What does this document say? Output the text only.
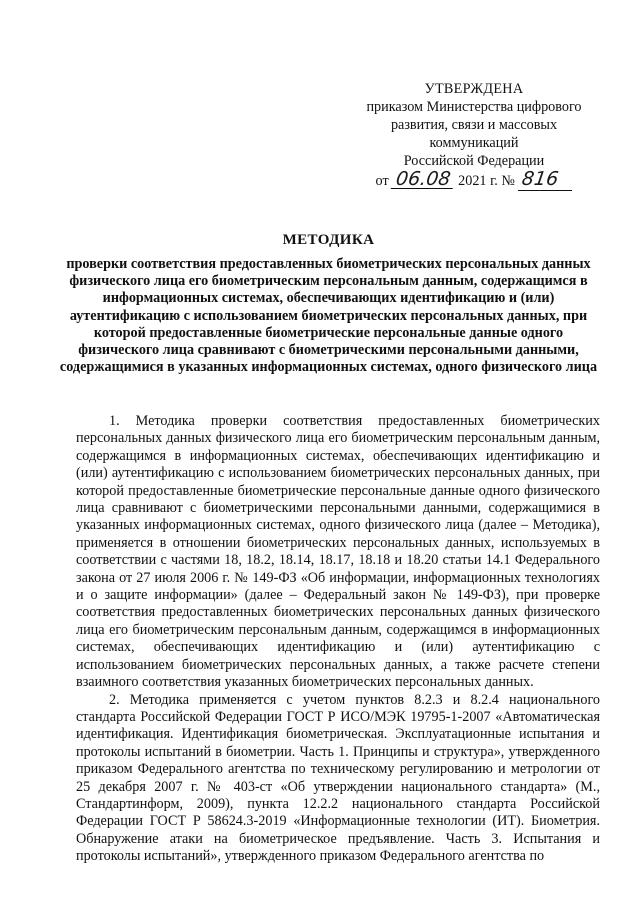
УТВЕРЖДЕНА
приказом Министерства цифрового
развития, связи и массовых
коммуникаций
Российской Федерации
от 06.08 2021 г. № 816
МЕТОДИКА
проверки соответствия предоставленных биометрических персональных данных физического лица его биометрическим персональным данным, содержащимся в информационных системах, обеспечивающих идентификацию и (или) аутентификацию с использованием биометрических персональных данных, при которой предоставленные биометрические персональные данные одного физического лица сравнивают с биометрическими персональными данными, содержащимися в указанных информационных системах, одного физического лица

1. Методика проверки соответствия предоставленных биометрических персональных данных физического лица его биометрическим персональным данным, содержащимся в информационных системах, обеспечивающих идентификацию и (или) аутентификацию с использованием биометрических персональных данных, при которой предоставленные биометрические персональные данные одного физического лица сравнивают с биометрическими персональными данными, содержащимися в указанных информационных системах, одного физического лица (далее – Методика), применяется в отношении биометрических персональных данных, используемых в соответствии с частями 18, 18.2, 18.14, 18.17, 18.18 и 18.20 статьи 14.1 Федерального закона от 27 июля 2006 г. № 149-ФЗ «Об информации, информационных технологиях и о защите информации» (далее – Федеральный закон № 149-ФЗ), при проверке соответствия предоставленных биометрических персональных данных физического лица его биометрическим персональным данным, содержащимся в информационных системах, обеспечивающих идентификацию и (или) аутентификацию с использованием биометрических персональных данных, а также расчете степени взаимного соответствия указанных биометрических персональных данных.

2. Методика применяется с учетом пунктов 8.2.3 и 8.2.4 национального стандарта Российской Федерации ГОСТ Р ИСО/МЭК 19795-1-2007 «Автоматическая идентификация. Идентификация биометрическая. Эксплуатационные испытания и протоколы испытаний в биометрии. Часть 1. Принципы и структура», утвержденного приказом Федерального агентства по техническому регулированию и метрологии от 25 декабря 2007 г. № 403-ст «Об утверждении национального стандарта» (М., Стандартинформ, 2009), пункта 12.2.2 национального стандарта Российской Федерации ГОСТ Р 58624.3-2019 «Информационные технологии (ИТ). Биометрия. Обнаружение атаки на биометрическое предъявление. Часть 3. Испытания и протоколы испытаний», утвержденного приказом Федерального агентства по
